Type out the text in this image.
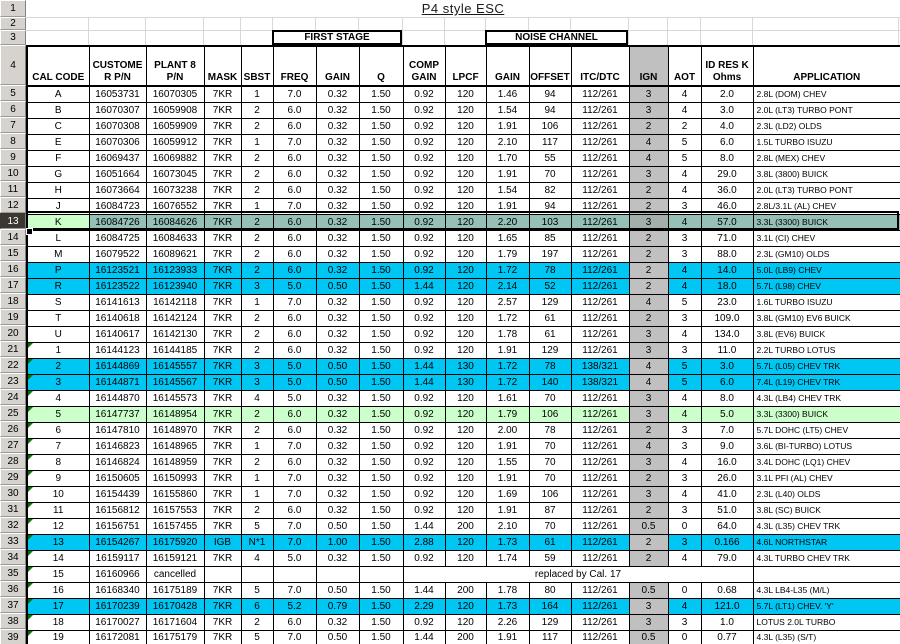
P4 style ESC
FIRST STAGE	NOISE CHANNEL
1
2
3
4
5
6
7
8
9
10
11
12
13
14
15
16
17
18
19
20
21
22
23
24
25
26
27
28
29
30
31
32
33
34
35
36
37
38
39
CAL CODE	CUSTOMER P/N	PLANT 8 P/N	MASK	SBST	FREQ	GAIN	Q	COMP GAIN	LPCF	GAIN	OFFSET	ITC/DTC	IGN	AOT	ID RES K Ohms	APPLICATION
A	16053731	16070305	7KR	1	7.0	0.32	1.50	0.92	120	1.46	94	112/261	3	4	2.0	2.8L (DOM) CHEV
B	16070307	16059908	7KR	2	6.0	0.32	1.50	0.92	120	1.54	94	112/261	3	4	3.0	2.0L (LT3) TURBO PONT
C	16070308	16059909	7KR	2	6.0	0.32	1.50	0.92	120	1.91	106	112/261	2	2	4.0	2.3L (LD2) OLDS
E	16070306	16059912	7KR	1	7.0	0.32	1.50	0.92	120	2.10	117	112/261	4	5	6.0	1.5L TURBO ISUZU
F	16069437	16069882	7KR	2	6.0	0.32	1.50	0.92	120	1.70	55	112/261	4	5	8.0	2.8L (MEX) CHEV
G	16051664	16073045	7KR	2	6.0	0.32	1.50	0.92	120	1.91	70	112/261	3	4	29.0	3.8L (3800) BUICK
H	16073664	16073238	7KR	2	6.0	0.32	1.50	0.92	120	1.54	82	112/261	2	4	36.0	2.0L (LT3) TURBO PONT
J	16084723	16076552	7KR	1	7.0	0.32	1.50	0.92	120	1.91	94	112/261	2	3	46.0	2.8L/3.1L (AL) CHEV
K	16084726	16084626	7KR	2	6.0	0.32	1.50	0.92	120	2.20	103	112/261	3	4	57.0	3.3L (3300) BUICK
L	16084725	16084633	7KR	2	6.0	0.32	1.50	0.92	120	1.65	85	112/261	2	3	71.0	3.1L (CI) CHEV
M	16079522	16089621	7KR	2	6.0	0.32	1.50	0.92	120	1.79	197	112/261	2	3	88.0	2.3L (GM10) OLDS
P	16123521	16123933	7KR	2	6.0	0.32	1.50	0.92	120	1.72	78	112/261	2	4	14.0	5.0L (LB9) CHEV
R	16123522	16123940	7KR	3	5.0	0.50	1.50	1.44	120	2.14	52	112/261	2	4	18.0	5.7L (L98) CHEV
S	16141613	16142118	7KR	1	7.0	0.32	1.50	0.92	120	2.57	129	112/261	4	5	23.0	1.6L TURBO ISUZU
T	16140618	16142124	7KR	2	6.0	0.32	1.50	0.92	120	1.72	61	112/261	2	3	109.0	3.8L (GM10) EV6 BUICK
U	16140617	16142130	7KR	2	6.0	0.32	1.50	0.92	120	1.78	61	112/261	3	4	134.0	3.8L (EV6) BUICK
1	16144123	16144185	7KR	2	6.0	0.32	1.50	0.92	120	1.91	129	112/261	3	3	11.0	2.2L TURBO LOTUS
2	16144869	16145557	7KR	3	5.0	0.50	1.50	1.44	130	1.72	78	138/321	4	5	3.0	5.7L (L05) CHEV TRK
3	16144871	16145567	7KR	3	5.0	0.50	1.50	1.44	130	1.72	140	138/321	4	5	6.0	7.4L (L19) CHEV TRK
4	16144870	16145573	7KR	4	5.0	0.32	1.50	0.92	120	1.61	70	112/261	3	4	8.0	4.3L (LB4) CHEV TRK
5	16147737	16148954	7KR	2	6.0	0.32	1.50	0.92	120	1.79	106	112/261	3	4	5.0	3.3L (3300) BUICK
6	16147810	16148970	7KR	2	6.0	0.32	1.50	0.92	120	2.00	78	112/261	2	3	7.0	5.7L DOHC (LT5) CHEV
7	16146823	16148965	7KR	1	7.0	0.32	1.50	0.92	120	1.91	70	112/261	4	3	9.0	3.6L (BI-TURBO) LOTUS
8	16146824	16148959	7KR	2	6.0	0.32	1.50	0.92	120	1.55	70	112/261	3	4	16.0	3.4L DOHC (LQ1) CHEV
9	16150605	16150993	7KR	1	7.0	0.32	1.50	0.92	120	1.91	70	112/261	2	3	26.0	3.1L PFI (AL) CHEV
10	16154439	16155860	7KR	1	7.0	0.32	1.50	0.92	120	1.69	106	112/261	3	4	41.0	2.3L (L40) OLDS
11	16156812	16157553	7KR	2	6.0	0.32	1.50	0.92	120	1.91	87	112/261	2	3	51.0	3.8L (SC) BUICK
12	16156751	16157455	7KR	5	7.0	0.50	1.50	1.44	200	2.10	70	112/261	0.5	0	64.0	4.3L (L35) CHEV TRK
13	16154267	16175920	IGB	N*1	7.0	1.00	1.50	2.88	120	1.73	61	112/261	2	3	0.166	4.6L NORTHSTAR
14	16159117	16159121	7KR	4	5.0	0.32	1.50	0.92	120	1.74	59	112/261	2	4	79.0	4.3L TURBO CHEV TRK
15	16160966	cancelled						replaced by Cal. 17								
16	16168340	16175189	7KR	5	7.0	0.50	1.50	1.44	200	1.78	80	112/261	0.5	0	0.68	4.3L LB4-L35 (M/L)
17	16170239	16170428	7KR	6	5.2	0.79	1.50	2.29	120	1.73	164	112/261	3	4	121.0	5.7L (LT1) CHEV. 'Y'
18	16170027	16171604	7KR	2	6.0	0.32	1.50	0.92	120	2.26	129	112/261	3	3	1.0	LOTUS 2.0L TURBO
19	16172081	16175179	7KR	5	7.0	0.50	1.50	1.44	200	1.91	117	112/261	0.5	0	0.77	4.3L (L35) (S/T)
